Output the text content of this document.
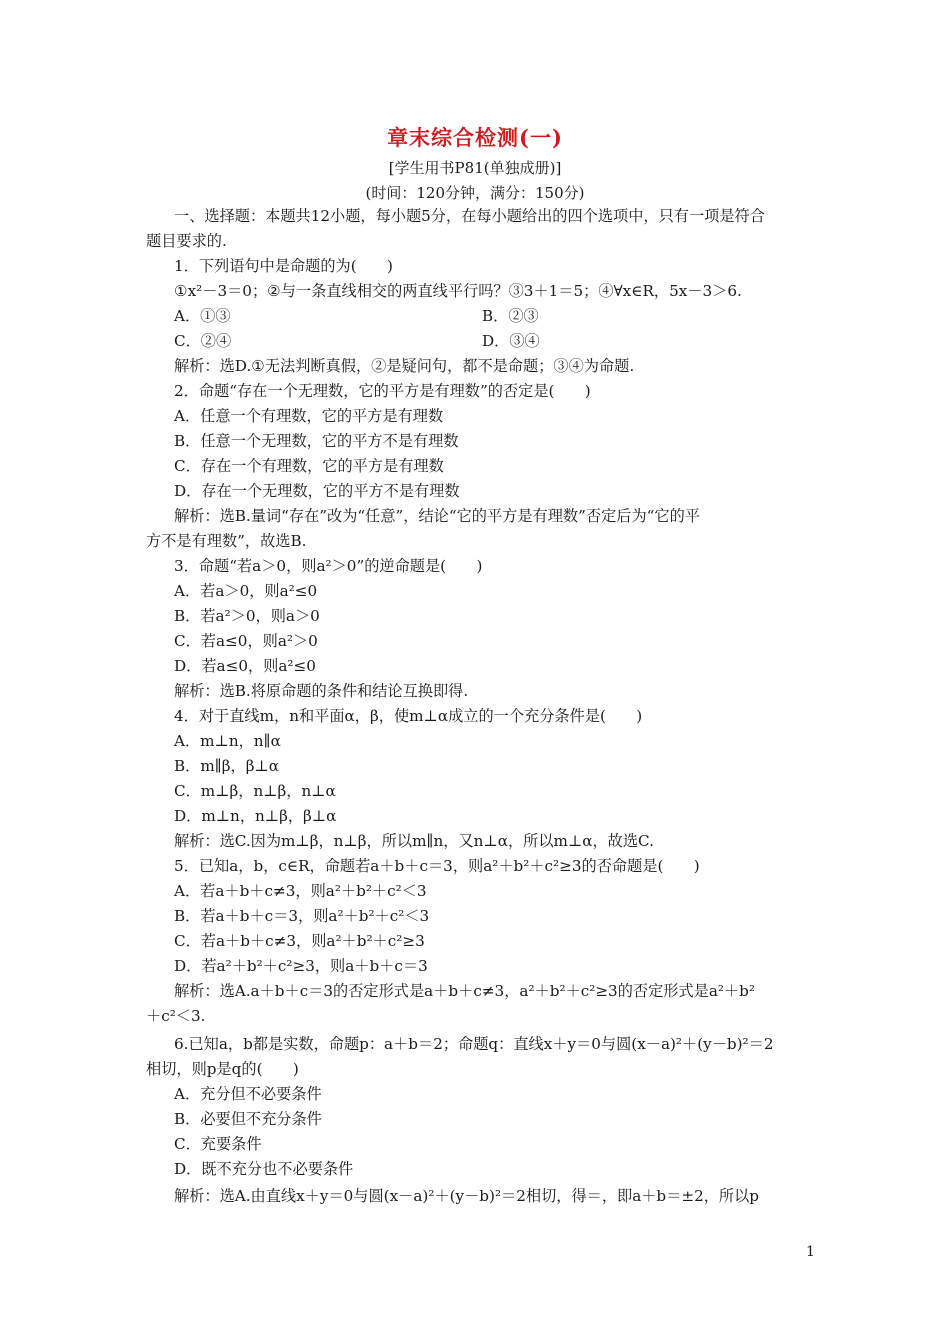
章末综合检测(一)
[学生用书P81(单独成册)]
(时间：120分钟，满分：150分)
一、选择题：本题共12小题，每小题5分，在每小题给出的四个选项中，只有一项是符合
题目要求的.
1．下列语句中是命题的为(　　)
①x²－3＝0；②与一条直线相交的两直线平行吗？③3＋1＝5；④∀x∈R，5x－3＞6.
A．①③	B．②③
C．②④	D．③④
解析：选D.①无法判断真假，②是疑问句，都不是命题；③④为命题.
2．命题“存在一个无理数，它的平方是有理数”的否定是(　　)
A．任意一个有理数，它的平方是有理数
B．任意一个无理数，它的平方不是有理数
C．存在一个有理数，它的平方是有理数
D．存在一个无理数，它的平方不是有理数
解析：选B.量词“存在”改为“任意”，结论“它的平方是有理数”否定后为“它的平
方不是有理数”，故选B.
3．命题“若a＞0，则a²＞0”的逆命题是(　　)
A．若a＞0，则a²≤0
B．若a²＞0，则a＞0
C．若a≤0，则a²＞0
D．若a≤0，则a²≤0
解析：选B.将原命题的条件和结论互换即得.
4．对于直线m，n和平面α，β，使m⊥α成立的一个充分条件是(　　)
A．m⊥n，n∥α
B．m∥β，β⊥α
C．m⊥β，n⊥β，n⊥α
D．m⊥n，n⊥β，β⊥α
解析：选C.因为m⊥β，n⊥β，所以m∥n，又n⊥α，所以m⊥α，故选C.
5．已知a，b，c∈R，命题若a＋b＋c＝3，则a²＋b²＋c²≥3的否命题是(　　)
A．若a＋b＋c≠3，则a²＋b²＋c²＜3
B．若a＋b＋c＝3，则a²＋b²＋c²＜3
C．若a＋b＋c≠3，则a²＋b²＋c²≥3
D．若a²＋b²＋c²≥3，则a＋b＋c＝3
解析：选A.a＋b＋c＝3的否定形式是a＋b＋c≠3，a²＋b²＋c²≥3的否定形式是a²＋b²
＋c²＜3.
6.已知a，b都是实数，命题p：a＋b＝2；命题q：直线x＋y＝0与圆(x－a)²＋(y－b)²＝2
相切，则p是q的(　　)
A．充分但不必要条件
B．必要但不充分条件
C．充要条件
D．既不充分也不必要条件
解析：选A.由直线x＋y＝0与圆(x－a)²＋(y－b)²＝2相切，得＝，即a＋b＝±2，所以p
1
